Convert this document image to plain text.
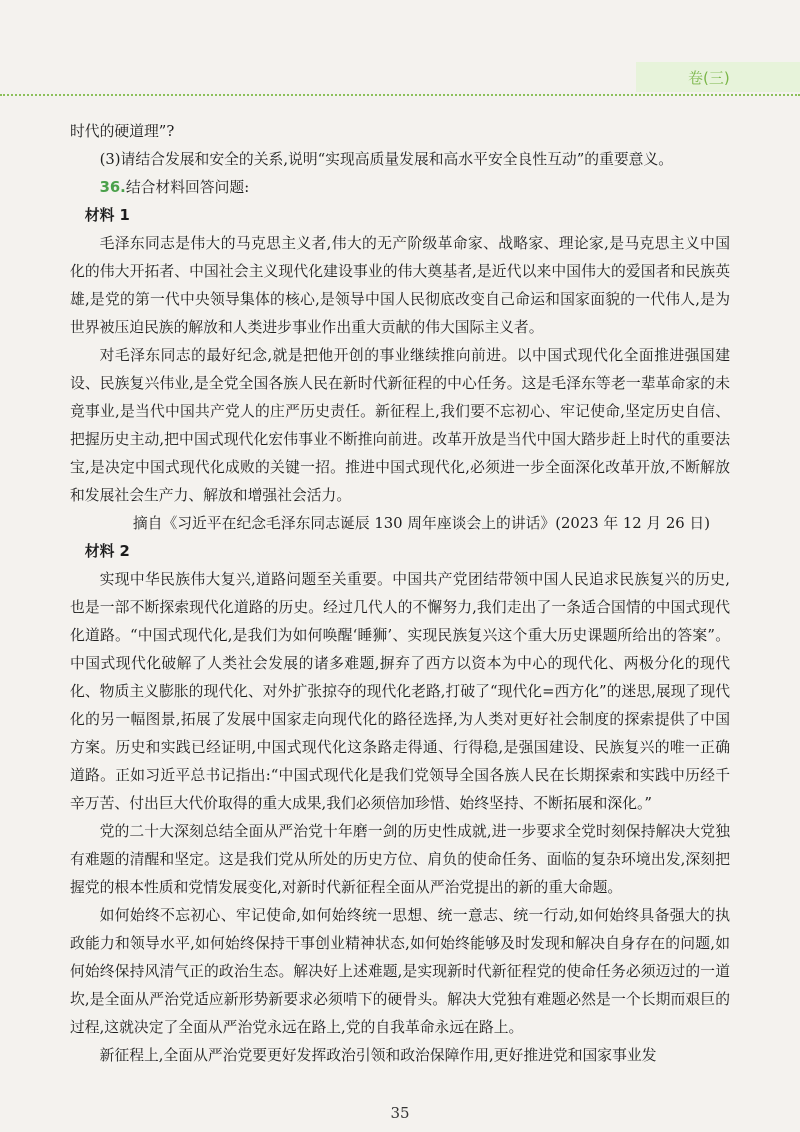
卷(三)

时代的硬道理”?

(3)请结合发展和安全的关系,说明“实现高质量发展和高水平安全良性互动”的重要意义。

36.结合材料回答问题:

材料 1

毛泽东同志是伟大的马克思主义者,伟大的无产阶级革命家、战略家、理论家,是马克思主义中国化的伟大开拓者、中国社会主义现代化建设事业的伟大奠基者,是近代以来中国伟大的爱国者和民族英雄,是党的第一代中央领导集体的核心,是领导中国人民彻底改变自己命运和国家面貌的一代伟人,是为世界被压迫民族的解放和人类进步事业作出重大贡献的伟大国际主义者。

对毛泽东同志的最好纪念,就是把他开创的事业继续推向前进。以中国式现代化全面推进强国建设、民族复兴伟业,是全党全国各族人民在新时代新征程的中心任务。这是毛泽东等老一辈革命家的未竟事业,是当代中国共产党人的庄严历史责任。新征程上,我们要不忘初心、牢记使命,坚定历史自信、把握历史主动,把中国式现代化宏伟事业不断推向前进。改革开放是当代中国大踏步赶上时代的重要法宝,是决定中国式现代化成败的关键一招。推进中国式现代化,必须进一步全面深化改革开放,不断解放和发展社会生产力、解放和增强社会活力。

摘自《习近平在纪念毛泽东同志诞辰 130 周年座谈会上的讲话》(2023 年 12 月 26 日)

材料 2

实现中华民族伟大复兴,道路问题至关重要。中国共产党团结带领中国人民追求民族复兴的历史,也是一部不断探索现代化道路的历史。经过几代人的不懈努力,我们走出了一条适合国情的中国式现代化道路。“中国式现代化,是我们为如何唤醒‘睡狮’、实现民族复兴这个重大历史课题所给出的答案”。中国式现代化破解了人类社会发展的诸多难题,摒弃了西方以资本为中心的现代化、两极分化的现代化、物质主义膨胀的现代化、对外扩张掠夺的现代化老路,打破了“现代化=西方化”的迷思,展现了现代化的另一幅图景,拓展了发展中国家走向现代化的路径选择,为人类对更好社会制度的探索提供了中国方案。历史和实践已经证明,中国式现代化这条路走得通、行得稳,是强国建设、民族复兴的唯一正确道路。正如习近平总书记指出:“中国式现代化是我们党领导全国各族人民在长期探索和实践中历经千辛万苦、付出巨大代价取得的重大成果,我们必须倍加珍惜、始终坚持、不断拓展和深化。”

党的二十大深刻总结全面从严治党十年磨一剑的历史性成就,进一步要求全党时刻保持解决大党独有难题的清醒和坚定。这是我们党从所处的历史方位、肩负的使命任务、面临的复杂环境出发,深刻把握党的根本性质和党情发展变化,对新时代新征程全面从严治党提出的新的重大命题。

如何始终不忘初心、牢记使命,如何始终统一思想、统一意志、统一行动,如何始终具备强大的执政能力和领导水平,如何始终保持干事创业精神状态,如何始终能够及时发现和解决自身存在的问题,如何始终保持风清气正的政治生态。解决好上述难题,是实现新时代新征程党的使命任务必须迈过的一道坎,是全面从严治党适应新形势新要求必须啃下的硬骨头。解决大党独有难题必然是一个长期而艰巨的过程,这就决定了全面从严治党永远在路上,党的自我革命永远在路上。

新征程上,全面从严治党要更好发挥政治引领和政治保障作用,更好推进党和国家事业发

35
